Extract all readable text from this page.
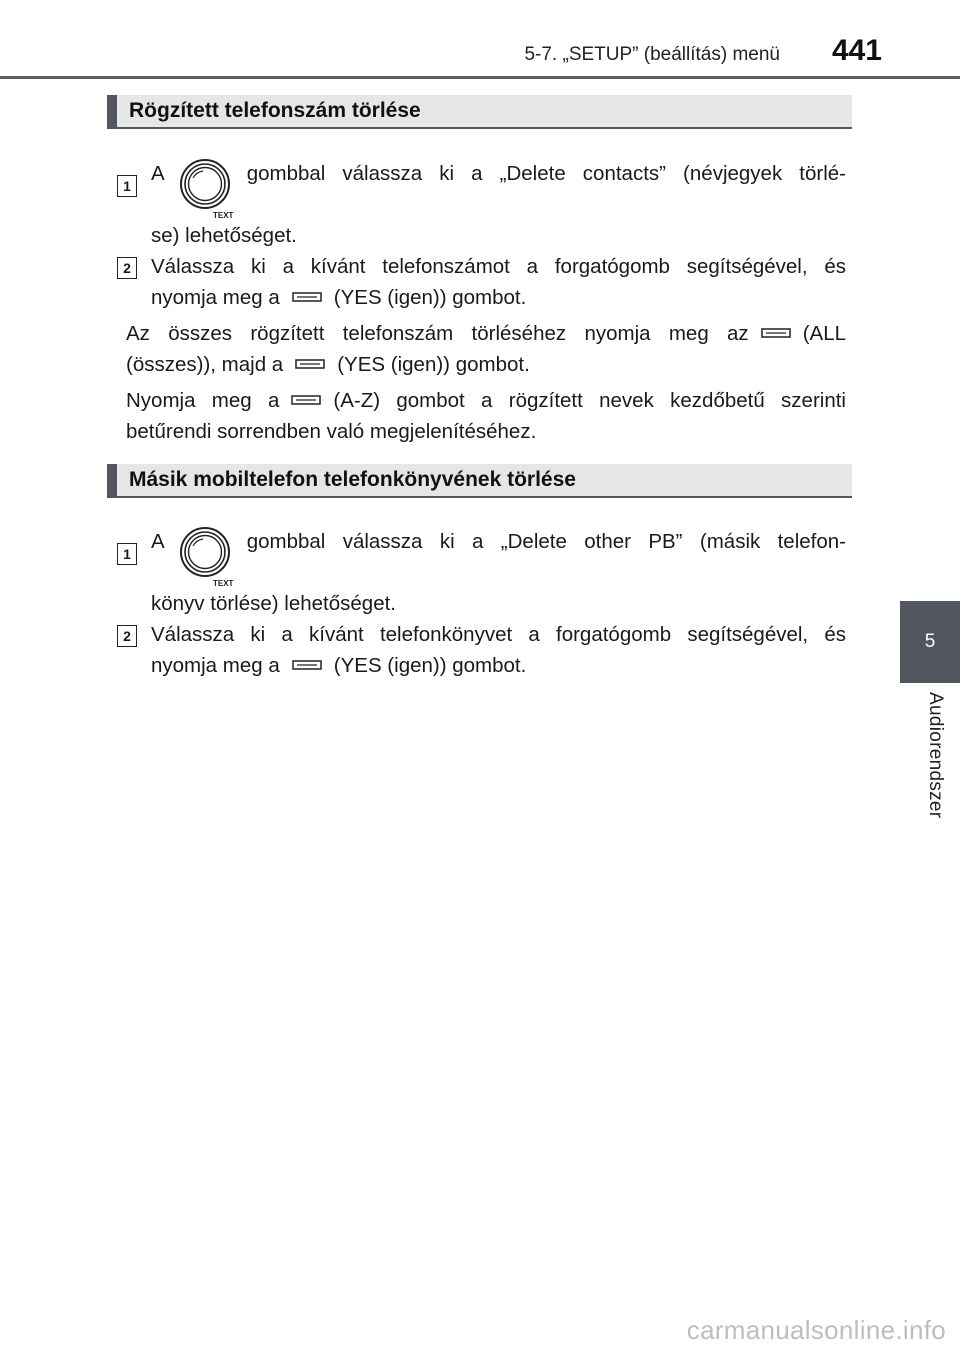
5-7. „SETUP” (beállítás) menü 441
5
Audiorendszer
Rögzített telefonszám törlése
1
A
TEXT
gombbal válassza ki a „Delete contacts” (névjegyek törlé-
se) lehetőséget.
2 Válassza ki a kívánt telefonszámot a forgatógomb segítségével, és
nyomja meg a	(YES (igen)) gombot.
Az összes rögzített telefonszám törléséhez nyomja meg az	(ALL
(összes)), majd a	(YES (igen)) gombot.
Nyomja meg a	(A-Z) gombot a rögzített nevek kezdőbetű szerinti
betűrendi sorrendben való megjelenítéséhez.
Másik mobiltelefon telefonkönyvének törlése
1
A
TEXT
gombbal válassza ki a „Delete other PB” (másik telefon-
könyv törlése) lehetőséget.
2 Válassza ki a kívánt telefonkönyvet a forgatógomb segítségével, és
nyomja meg a	(YES (igen)) gombot.
carmanualsonline.info
